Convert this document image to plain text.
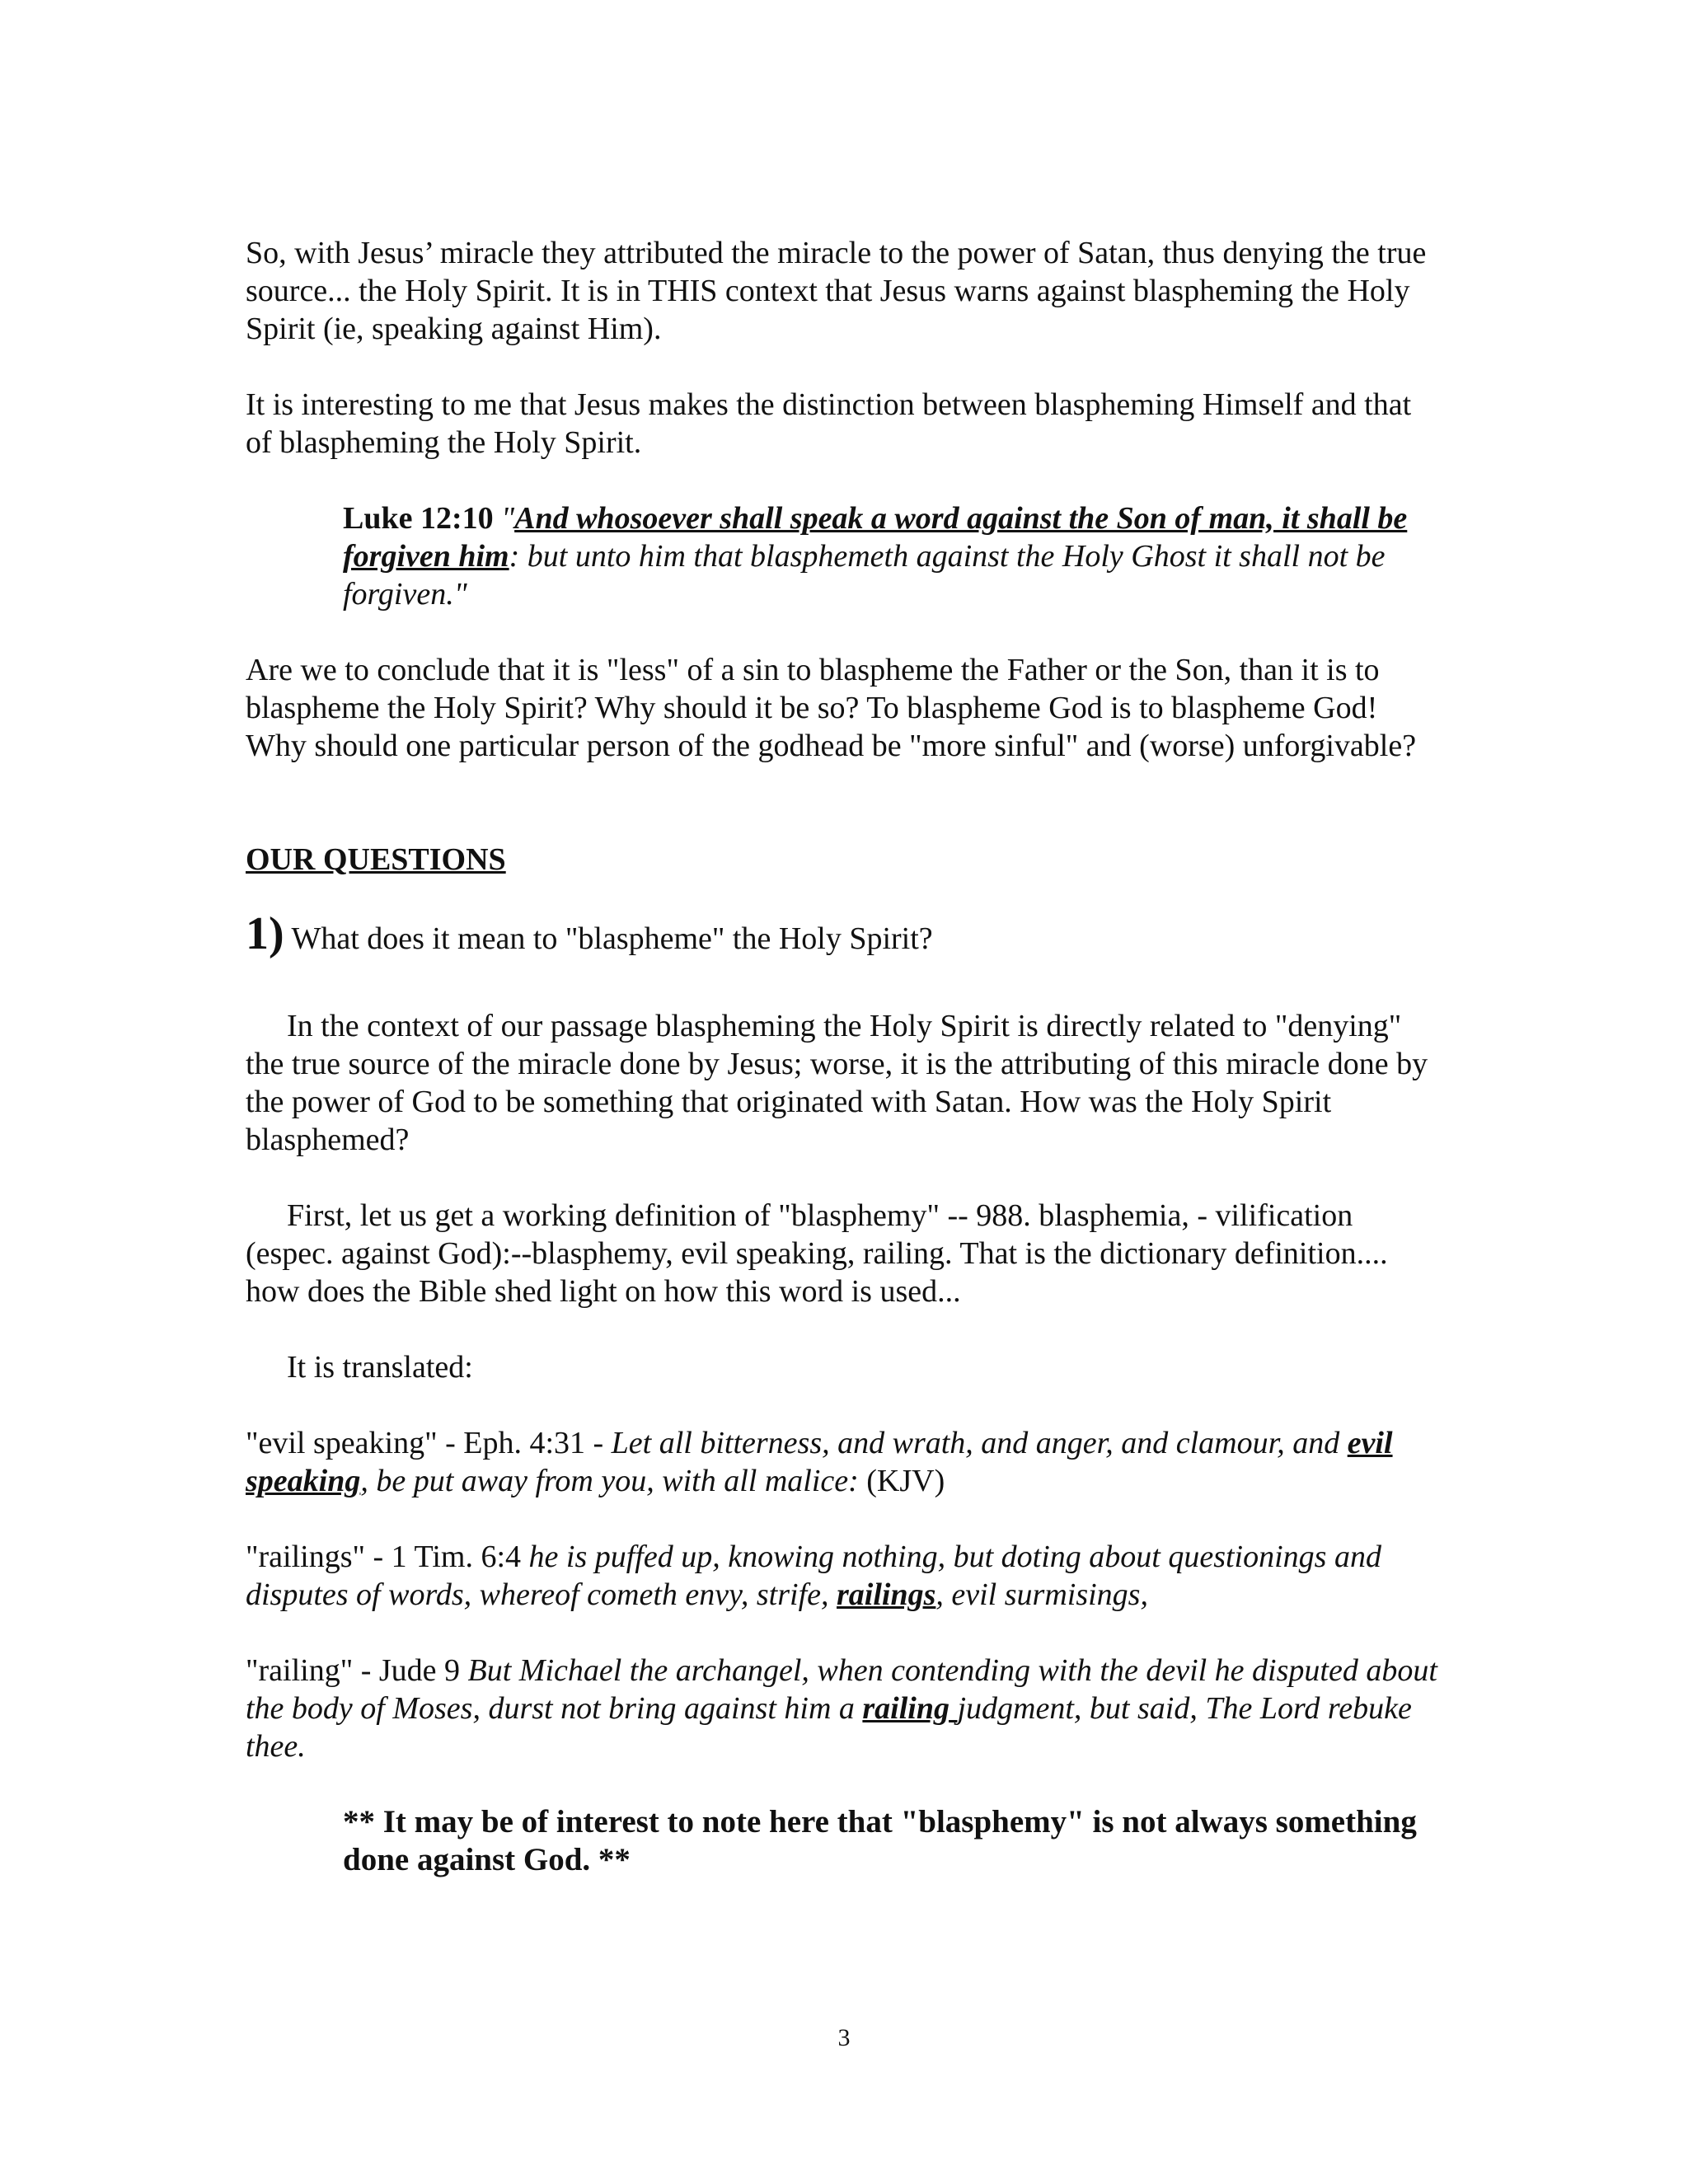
So, with Jesus’ miracle they attributed the miracle to the power of Satan, thus denying the true source... the Holy Spirit. It is in THIS context that Jesus warns against blaspheming the Holy Spirit (ie, speaking against Him).

It is interesting to me that Jesus makes the distinction between blaspheming Himself and that of blaspheming the Holy Spirit.

Luke 12:10 "And whosoever shall speak a word against the Son of man, it shall be forgiven him: but unto him that blasphemeth against the Holy Ghost it shall not be forgiven."

Are we to conclude that it is "less" of a sin to blaspheme the Father or the Son, than it is to blaspheme the Holy Spirit? Why should it be so? To blaspheme God is to blaspheme God! Why should one particular person of the godhead be "more sinful" and (worse) unforgivable?

OUR QUESTIONS

1) What does it mean to "blaspheme" the Holy Spirit?

In the context of our passage blaspheming the Holy Spirit is directly related to "denying" the true source of the miracle done by Jesus; worse, it is the attributing of this miracle done by the power of God to be something that originated with Satan. How was the Holy Spirit blasphemed?

First, let us get a working definition of "blasphemy" -- 988. blasphemia, - vilification (espec. against God):--blasphemy, evil speaking, railing. That is the dictionary definition.... how does the Bible shed light on how this word is used...

It is translated:

"evil speaking" - Eph. 4:31 - Let all bitterness, and wrath, and anger, and clamour, and evil speaking, be put away from you, with all malice: (KJV)

"railings" - 1 Tim. 6:4 he is puffed up, knowing nothing, but doting about questionings and disputes of words, whereof cometh envy, strife, railings, evil surmisings,

"railing" - Jude 9 But Michael the archangel, when contending with the devil he disputed about the body of Moses, durst not bring against him a railing judgment, but said, The Lord rebuke thee.

** It may be of interest to note here that "blasphemy" is not always something done against God. **

3
